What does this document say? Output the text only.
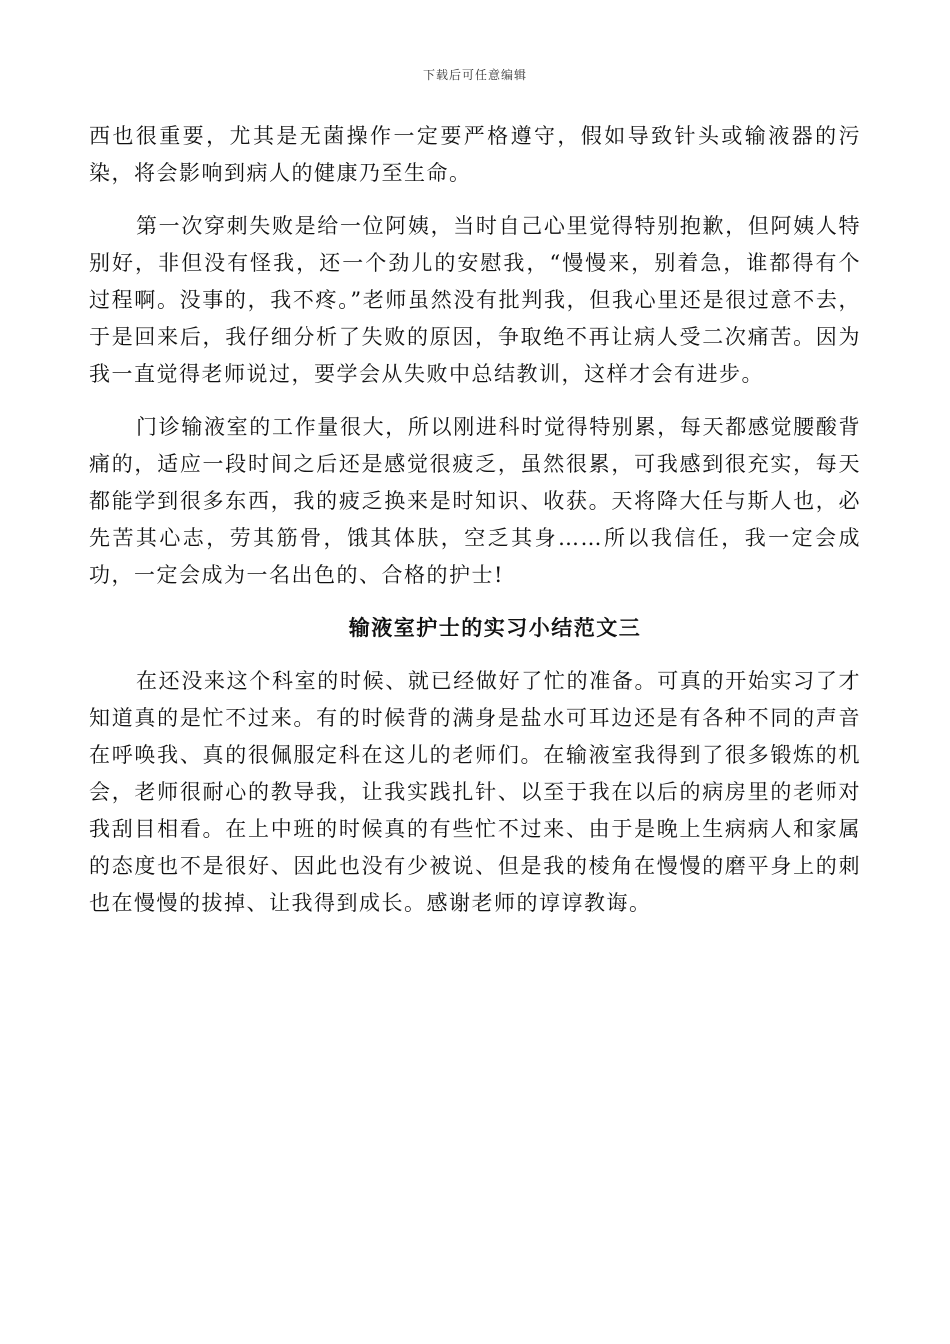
下载后可任意编辑

西也很重要，尤其是无菌操作一定要严格遵守，假如导致针头或输液器的污染，将会影响到病人的健康乃至生命。

第一次穿刺失败是给一位阿姨，当时自己心里觉得特别抱歉，但阿姨人特别好，非但没有怪我，还一个劲儿的安慰我，“慢慢来，别着急，谁都得有个过程啊。没事的，我不疼。”老师虽然没有批判我，但我心里还是很过意不去，于是回来后，我仔细分析了失败的原因，争取绝不再让病人受二次痛苦。因为我一直觉得老师说过，要学会从失败中总结教训，这样才会有进步。

门诊输液室的工作量很大，所以刚进科时觉得特别累，每天都感觉腰酸背痛的，适应一段时间之后还是感觉很疲乏，虽然很累，可我感到很充实，每天都能学到很多东西，我的疲乏换来是时知识、收获。天将降大任与斯人也，必先苦其心志，劳其筋骨，饿其体肤，空乏其身……所以我信任，我一定会成功，一定会成为一名出色的、合格的护士!

输液室护士的实习小结范文三

在还没来这个科室的时候、就已经做好了忙的准备。可真的开始实习了才知道真的是忙不过来。有的时候背的满身是盐水可耳边还是有各种不同的声音在呼唤我、真的很佩服定科在这儿的老师们。在输液室我得到了很多锻炼的机会，老师很耐心的教导我，让我实践扎针、以至于我在以后的病房里的老师对我刮目相看。在上中班的时候真的有些忙不过来、由于是晚上生病病人和家属的态度也不是很好、因此也没有少被说、但是我的棱角在慢慢的磨平身上的刺也在慢慢的拔掉、让我得到成长。感谢老师的谆谆教诲。
